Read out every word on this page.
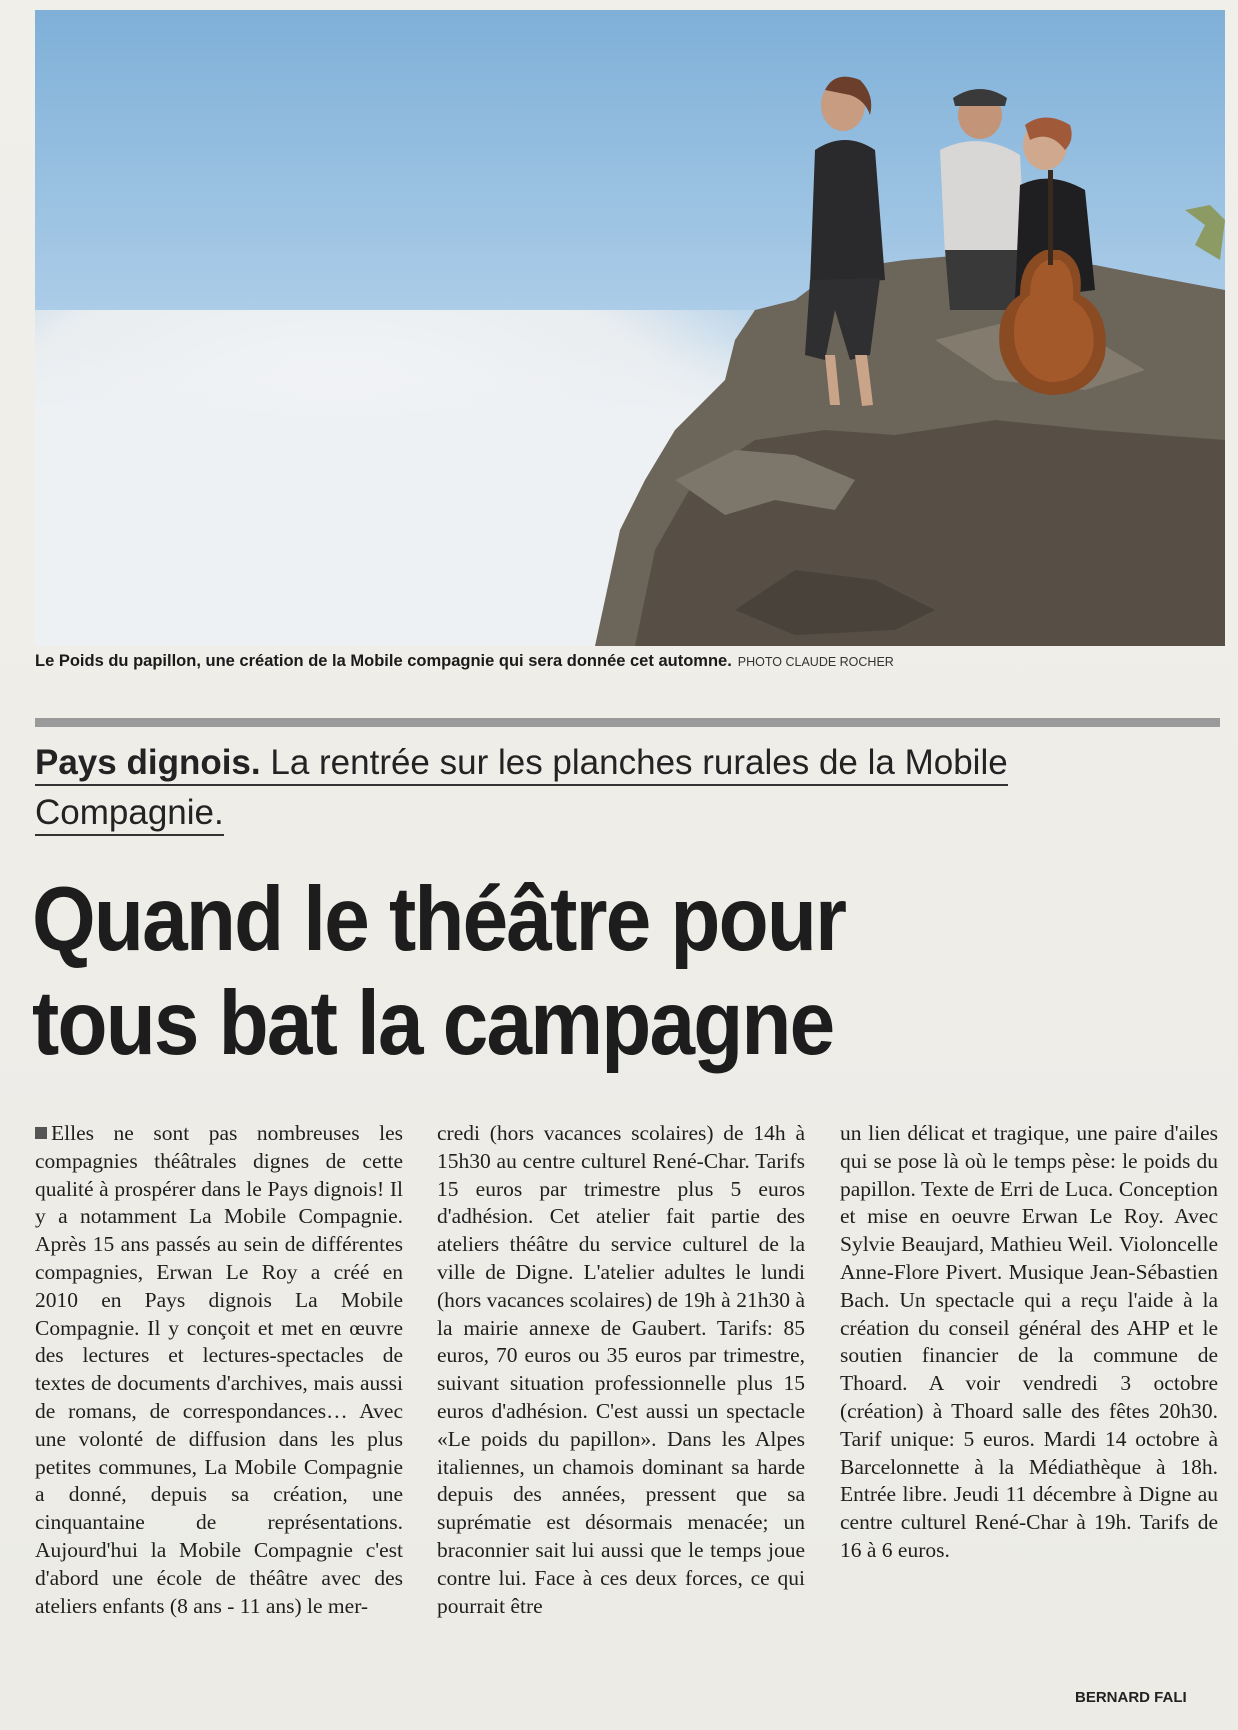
Le Poids du papillon, une création de la Mobile compagnie qui sera donnée cet automne. PHOTO CLAUDE ROCHER
Pays dignois. La rentrée sur les planches rurales de la Mobile Compagnie.
Quand le théâtre pour
tous bat la campagne
Elles ne sont pas nombreuses les compagnies théâtrales dignes de cette qualité à prospérer dans le Pays dignois! Il y a notamment La Mobile Compagnie. Après 15 ans passés au sein de différentes compagnies, Erwan Le Roy a créé en 2010 en Pays dignois La Mobile Compagnie. Il y conçoit et met en œuvre des lectures et lectures-spectacles de textes de documents d'archives, mais aussi de romans, de correspondances… Avec une volonté de diffusion dans les plus petites communes, La Mobile Compagnie a donné, depuis sa création, une cinquantaine de représentations. Aujourd'hui la Mobile Compagnie c'est d'abord une école de théâtre avec des ateliers enfants (8 ans - 11 ans) le mer-
credi (hors vacances scolaires) de 14h à 15h30 au centre culturel René-Char. Tarifs 15 euros par trimestre plus 5 euros d'adhésion. Cet atelier fait partie des ateliers théâtre du service culturel de la ville de Digne. L'atelier adultes le lundi (hors vacances scolaires) de 19h à 21h30 à la mairie annexe de Gaubert. Tarifs: 85 euros, 70 euros ou 35 euros par trimestre, suivant situation professionnelle plus 15 euros d'adhésion. C'est aussi un spectacle «Le poids du papillon». Dans les Alpes italiennes, un chamois dominant sa harde depuis des années, pressent que sa suprématie est désormais menacée; un braconnier sait lui aussi que le temps joue contre lui. Face à ces deux forces, ce qui pourrait être
un lien délicat et tragique, une paire d'ailes qui se pose là où le temps pèse: le poids du papillon. Texte de Erri de Luca. Conception et mise en oeuvre Erwan Le Roy. Avec Sylvie Beaujard, Mathieu Weil. Violoncelle Anne-Flore Pivert. Musique Jean-Sébastien Bach. Un spectacle qui a reçu l'aide à la création du conseil général des AHP et le soutien financier de la commune de Thoard. A voir vendredi 3 octobre (création) à Thoard salle des fêtes 20h30. Tarif unique: 5 euros. Mardi 14 octobre à Barcelonnette à la Médiathèque à 18h. Entrée libre. Jeudi 11 décembre à Digne au centre culturel René-Char à 19h. Tarifs de 16 à 6 euros.
BERNARD FALI
